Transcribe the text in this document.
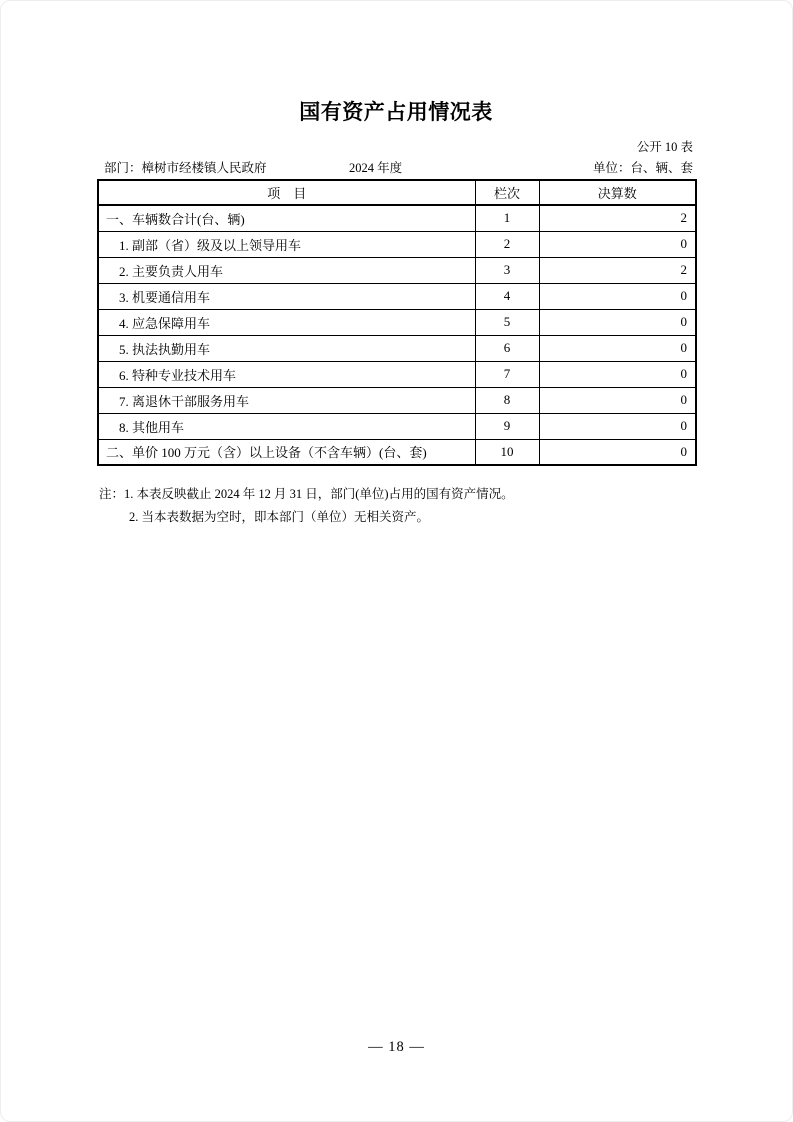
国有资产占用情况表
公开 10 表
部门：樟树市经楼镇人民政府	2024 年度	单位：台、辆、套
项　目	栏次	决算数
一、车辆数合计(台、辆)	1	2
1. 副部（省）级及以上领导用车	2	0
2. 主要负责人用车	3	2
3. 机要通信用车	4	0
4. 应急保障用车	5	0
5. 执法执勤用车	6	0
6. 特种专业技术用车	7	0
7. 离退休干部服务用车	8	0
8. 其他用车	9	0
二、单价 100 万元（含）以上设备（不含车辆）(台、套)	10	0
注：1. 本表反映截止 2024 年 12 月 31 日，部门(单位)占用的国有资产情况。
2. 当本表数据为空时，即本部门（单位）无相关资产。
— 18 —
